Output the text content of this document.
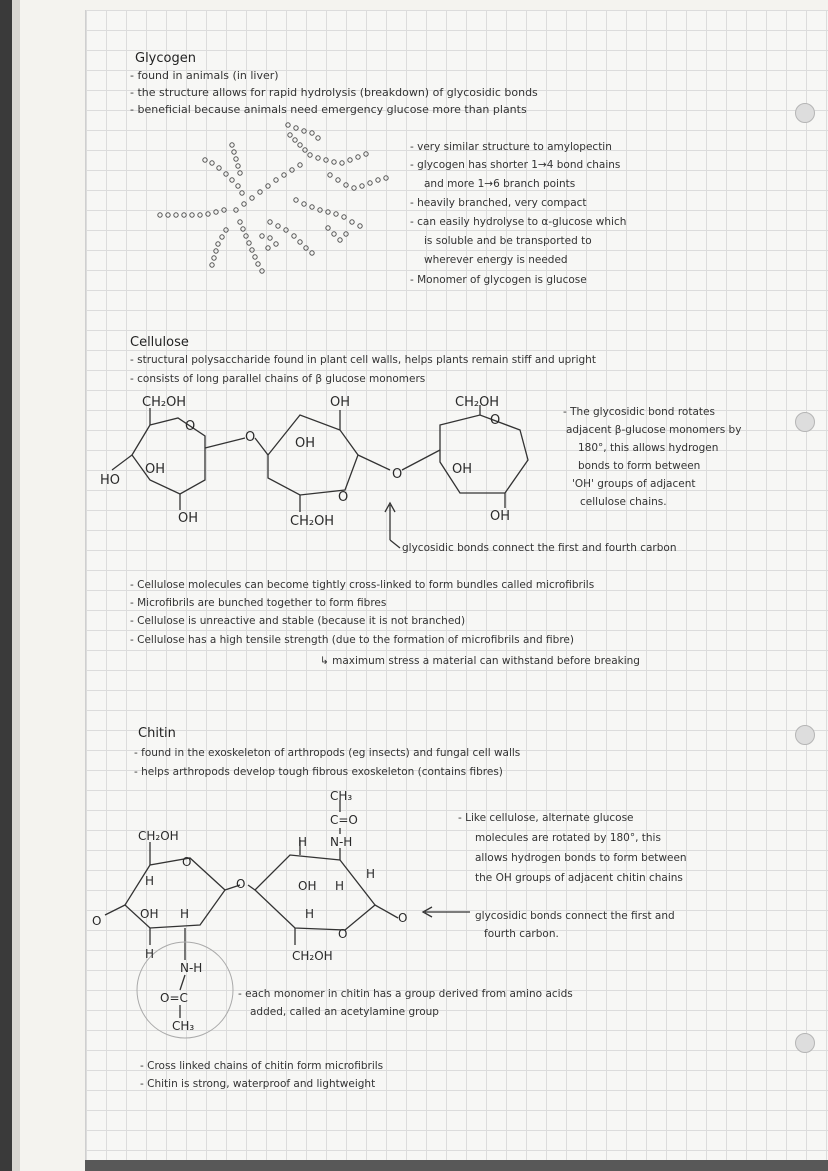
Glycogen
- found in animals (in liver)
- the structure allows for rapid hydrolysis (breakdown) of glycosidic bonds
- beneficial because animals need emergency glucose more than plants
- very similar structure to amylopectin
- glycogen has shorter 1→4 bond chains
and more 1→6 branch points
- heavily branched, very compact
- can easily hydrolyse to α-glucose which
is soluble and be transported to
wherever energy is needed
- Monomer of glycogen is glucose
Cellulose
- structural polysaccharide found in plant cell walls, helps plants remain stiff and upright
- consists of long parallel chains of β glucose monomers
CH₂OH
O
OH
HO
OH
O
OH
OH
O
CH₂OH
O
CH₂OH
O
OH
OH
- The glycosidic bond rotates
adjacent β-glucose monomers by
180°, this allows hydrogen
bonds to form between
'OH' groups of adjacent
cellulose chains.
glycosidic bonds connect the first and fourth carbon
- Cellulose molecules can become tightly cross-linked to form bundles called microfibrils
- Microfibrils are bunched together to form fibres
- Cellulose is unreactive and stable (because it is not branched)
- Cellulose has a high tensile strength (due to the formation of microfibrils and fibre)
↳ maximum stress a material can withstand before breaking
Chitin
- found in the exoskeleton of arthropods (eg insects) and fungal cell walls
- helps arthropods develop tough fibrous exoskeleton (contains fibres)
CH₃
C=O
N-H
H
H
CH₂OH
O
H	O	OH H
OH H	H
O
O	O
H	CH₂OH
N-H
O=C
CH₃
- Like cellulose, alternate glucose
molecules are rotated by 180°, this
allows hydrogen bonds to form between
the OH groups of adjacent chitin chains
glycosidic bonds connect the first and
fourth carbon.
- each monomer in chitin has a group derived from amino acids
added, called an acetylamine group
- Cross linked chains of chitin form microfibrils
- Chitin is strong, waterproof and lightweight
